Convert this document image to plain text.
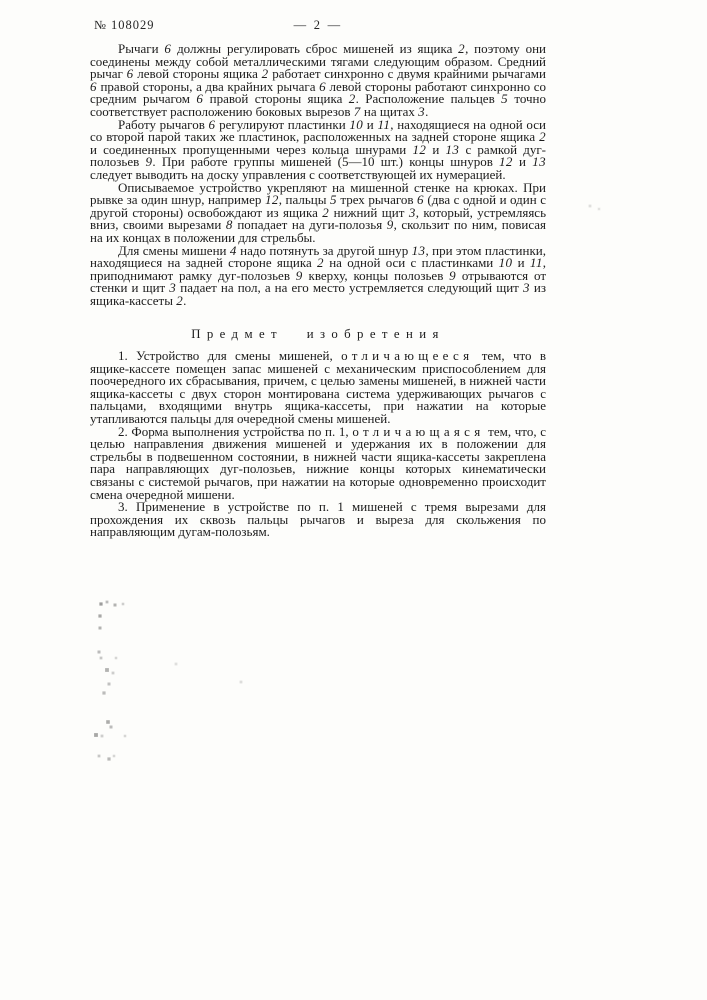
№ 108029	— 2 —

Рычаги 6 должны регулировать сброс мишеней из ящика 2, поэтому они соединены между собой металлическими тягами следующим образом. Средний рычаг 6 левой стороны ящика 2 работает синхронно с двумя крайними рычагами 6 правой стороны, а два крайних рычага 6 левой стороны работают синхронно со средним рычагом 6 правой стороны ящика 2. Расположение пальцев 5 точно соответствует расположению боковых вырезов 7 на щитах 3.

Работу рычагов 6 регулируют пластинки 10 и 11, находящиеся на одной оси со второй парой таких же пластинок, расположенных на задней стороне ящика 2 и соединенных пропущенными через кольца шнурами 12 и 13 с рамкой дуг-полозьев 9. При работе группы мишеней (5—10 шт.) концы шнуров 12 и 13 следует выводить на доску управления с соответствующей их нумерацией.

Описываемое устройство укрепляют на мишенной стенке на крюках. При рывке за один шнур, например 12, пальцы 5 трех рычагов 6 (два с одной и один с другой стороны) освобождают из ящика 2 нижний щит 3, который, устремляясь вниз, своими вырезами 8 попадает на дуги-полозья 9, скользит по ним, повисая на их концах в положении для стрельбы.

Для смены мишени 4 надо потянуть за другой шнур 13, при этом пластинки, находящиеся на задней стороне ящика 2 на одной оси с пластинками 10 и 11, приподнимают рамку дуг-полозьев 9 кверху, концы полозьев 9 отрываются от стенки и щит 3 падает на пол, а на его место устремляется следующий щит 3 из ящика-кассеты 2.

Предмет изобретения

1. Устройство для смены мишеней, отличающееся тем, что в ящике-кассете помещен запас мишеней с механическим приспособлением для поочередного их сбрасывания, причем, с целью замены мишеней, в нижней части ящика-кассеты с двух сторон монтирована система удерживающих рычагов с пальцами, входящими внутрь ящика-кассеты, при нажатии на которые утапливаются пальцы для очередной смены мишеней.

2. Форма выполнения устройства по п. 1, отличающаяся тем, что, с целью направления движения мишеней и удержания их в положении для стрельбы в подвешенном состоянии, в нижней части ящика-кассеты закреплена пара направляющих дуг-полозьев, нижние концы которых кинематически связаны с системой рычагов, при нажатии на которые одновременно происходит смена очередной мишени.

3. Применение в устройстве по п. 1 мишеней с тремя вырезами для прохождения их сквозь пальцы рычагов и выреза для скольжения по направляющим дугам-полозьям.
